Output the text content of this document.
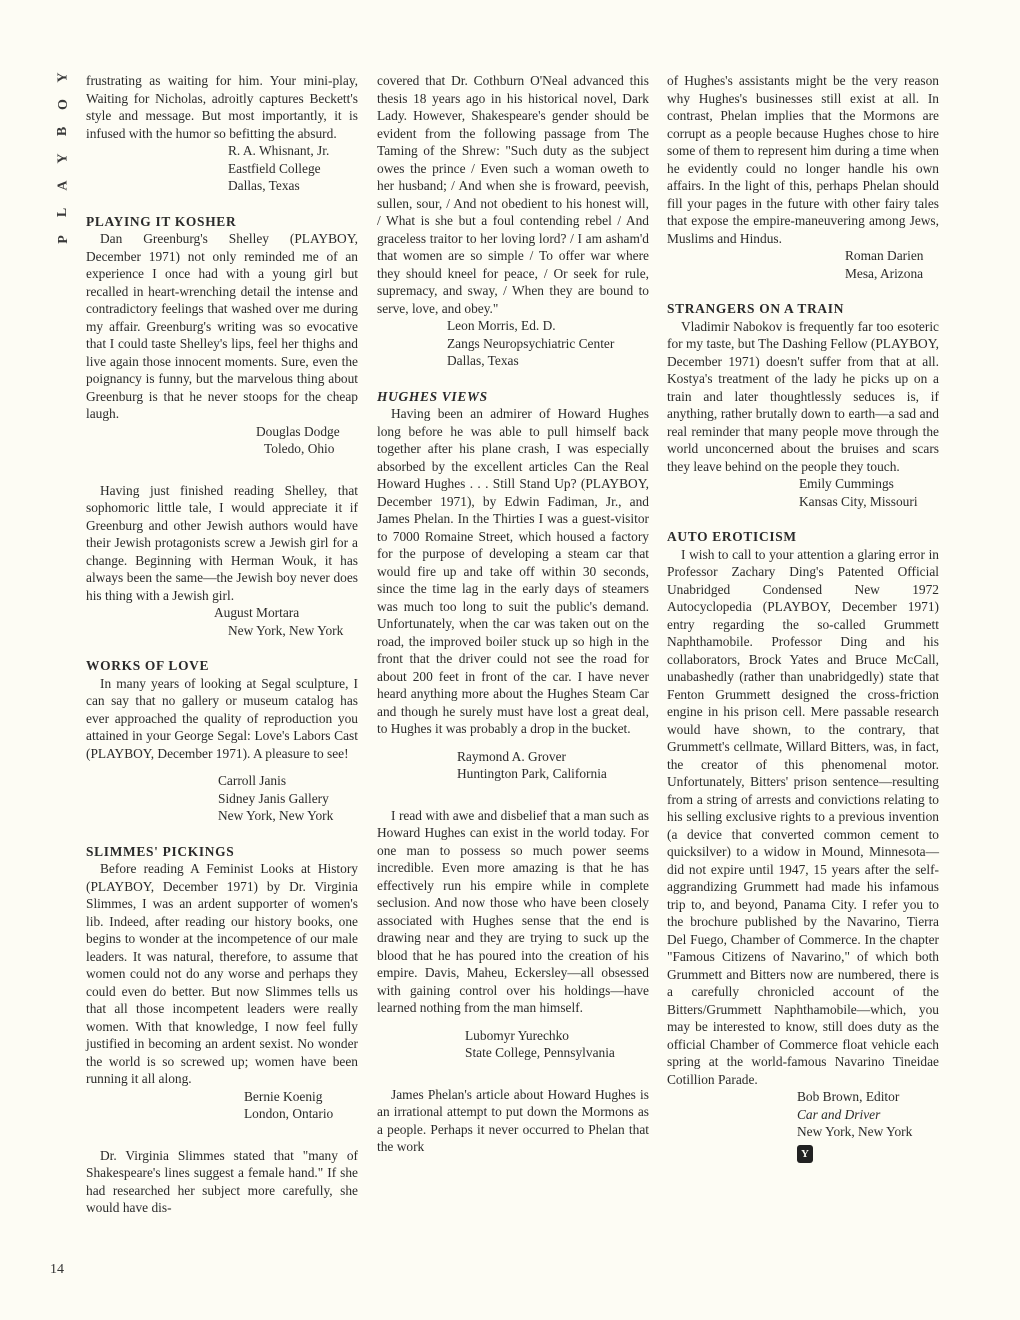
Y
O
B
Y
A
L
P
14

frustrating as waiting for him. Your mini-play, Waiting for Nicholas, adroitly captures Beckett's style and message. But most importantly, it is infused with the humor so befitting the absurd.

R. A. Whisnant, Jr.
Eastfield College
Dallas, Texas
PLAYING IT KOSHER

Dan Greenburg's Shelley (PLAYBOY, December 1971) not only reminded me of an experience I once had with a young girl but recalled in heart-wrenching detail the intense and contradictory feelings that washed over me during my affair. Greenburg's writing was so evocative that I could taste Shelley's lips, feel her thighs and live again those innocent moments. Sure, even the poignancy is funny, but the marvelous thing about Greenburg is that he never stoops for the cheap laugh.

Douglas Dodge
Toledo, Ohio

Having just finished reading Shelley, that sophomoric little tale, I would appreciate it if Greenburg and other Jewish authors would have their Jewish protagonists screw a Jewish girl for a change. Beginning with Herman Wouk, it has always been the same—the Jewish boy never does his thing with a Jewish girl.

August Mortara
New York, New York
WORKS OF LOVE

In many years of looking at Segal sculpture, I can say that no gallery or museum catalog has ever approached the quality of reproduction you attained in your George Segal: Love's Labors Cast (PLAYBOY, December 1971). A pleasure to see!

Carroll Janis
Sidney Janis Gallery
New York, New York
SLIMMES' PICKINGS

Before reading A Feminist Looks at History (PLAYBOY, December 1971) by Dr. Virginia Slimmes, I was an ardent supporter of women's lib. Indeed, after reading our history books, one begins to wonder at the incompetence of our male leaders. It was natural, therefore, to assume that women could not do any worse and perhaps they could even do better. But now Slimmes tells us that all those incompetent leaders were really women. With that knowledge, I now feel fully justified in becoming an ardent sexist. No wonder the world is so screwed up; women have been running it all along.

Bernie Koenig
London, Ontario

Dr. Virginia Slimmes stated that "many of Shakespeare's lines suggest a female hand." If she had researched her subject more carefully, she would have dis-

covered that Dr. Cothburn O'Neal advanced this thesis 18 years ago in his historical novel, Dark Lady. However, Shakespeare's gender should be evident from the following passage from The Taming of the Shrew: "Such duty as the subject owes the prince / Even such a woman oweth to her husband; / And when she is froward, peevish, sullen, sour, / And not obedient to his honest will, / What is she but a foul contending rebel / And graceless traitor to her loving lord? / I am asham'd that women are so simple / To offer war where they should kneel for peace, / Or seek for rule, supremacy, and sway, / When they are bound to serve, love, and obey."

Leon Morris, Ed. D.
Zangs Neuropsychiatric Center
Dallas, Texas
HUGHES VIEWS

Having been an admirer of Howard Hughes long before he was able to pull himself back together after his plane crash, I was especially absorbed by the excellent articles Can the Real Howard Hughes . . . Still Stand Up? (PLAYBOY, December 1971), by Edwin Fadiman, Jr., and James Phelan. In the Thirties I was a guest-visitor to 7000 Romaine Street, which housed a factory for the purpose of developing a steam car that would fire up and take off within 30 seconds, since the time lag in the early days of steamers was much too long to suit the public's demand. Unfortunately, when the car was taken out on the road, the improved boiler stuck up so high in the front that the driver could not see the road for about 200 feet in front of the car. I have never heard anything more about the Hughes Steam Car and though he surely must have lost a great deal, to Hughes it was probably a drop in the bucket.

Raymond A. Grover
Huntington Park, California

I read with awe and disbelief that a man such as Howard Hughes can exist in the world today. For one man to possess so much power seems incredible. Even more amazing is that he has effectively run his empire while in complete seclusion. And now those who have been closely associated with Hughes sense that the end is drawing near and they are trying to suck up the blood that he has poured into the creation of his empire. Davis, Maheu, Eckersley—all obsessed with gaining control over his holdings—have learned nothing from the man himself.

Lubomyr Yurechko
State College, Pennsylvania

James Phelan's article about Howard Hughes is an irrational attempt to put down the Mormons as a people. Perhaps it never occurred to Phelan that the work

of Hughes's assistants might be the very reason why Hughes's businesses still exist at all. In contrast, Phelan implies that the Mormons are corrupt as a people because Hughes chose to hire some of them to represent him during a time when he evidently could no longer handle his own affairs. In the light of this, perhaps Phelan should fill your pages in the future with other fairy tales that expose the empire-maneuvering among Jews, Muslims and Hindus.

Roman Darien
Mesa, Arizona
STRANGERS ON A TRAIN

Vladimir Nabokov is frequently far too esoteric for my taste, but The Dashing Fellow (PLAYBOY, December 1971) doesn't suffer from that at all. Kostya's treatment of the lady he picks up on a train and later thoughtlessly seduces is, if anything, rather brutally down to earth—a sad and real reminder that many people move through the world unconcerned about the bruises and scars they leave behind on the people they touch.

Emily Cummings
Kansas City, Missouri
AUTO EROTICISM

I wish to call to your attention a glaring error in Professor Zachary Ding's Patented Official Unabridged Condensed New 1972 Autocyclopedia (PLAYBOY, December 1971) entry regarding the so-called Grummett Naphthamobile. Professor Ding and his collaborators, Brock Yates and Bruce McCall, unabashedly (rather than unabridgedly) state that Fenton Grummett designed the cross-friction engine in his prison cell. Mere passable research would have shown, to the contrary, that Grummett's cellmate, Willard Bitters, was, in fact, the creator of this phenomenal motor. Unfortunately, Bitters' prison sentence—resulting from a string of arrests and convictions relating to his selling exclusive rights to a previous invention (a device that converted common cement to quicksilver) to a widow in Mound, Minnesota—did not expire until 1947, 15 years after the self-aggrandizing Grummett had made his infamous trip to, and beyond, Panama City. I refer you to the brochure published by the Navarino, Tierra Del Fuego, Chamber of Commerce. In the chapter "Famous Citizens of Navarino," of which both Grummett and Bitters now are numbered, there is a carefully chronicled account of the Bitters/Grummett Naphthamobile—which, you may be interested to know, still does duty as the official Chamber of Commerce float vehicle each spring at the world-famous Navarino Tineidae Cotillion Parade.

Bob Brown, Editor
Car and Driver
New York, New York
Y
